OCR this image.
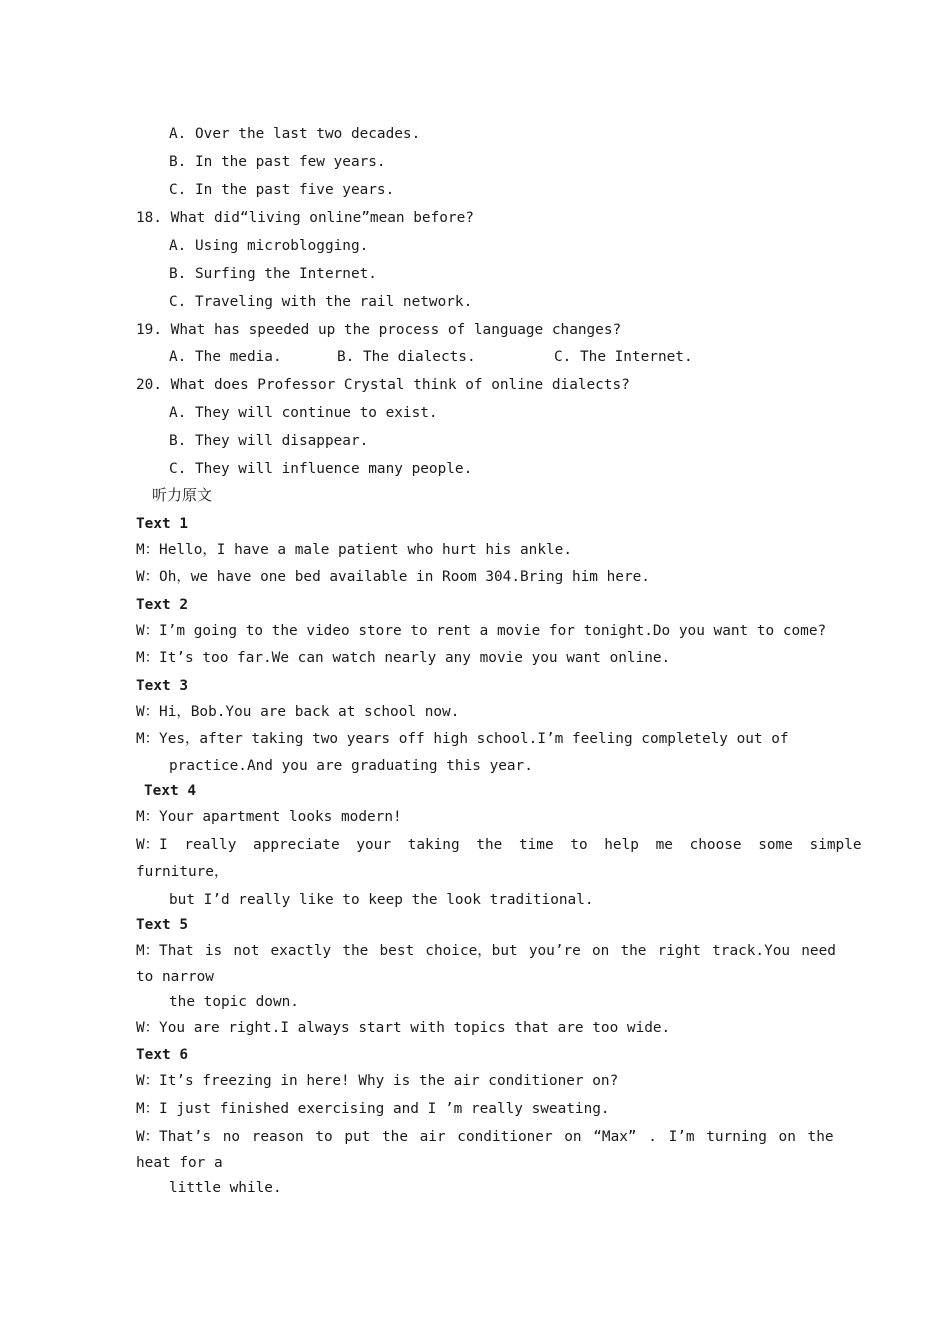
A. Over the last two decades.
B. In the past few years.
C. In the past five years.
18. What did“living online”mean before?
A. Using microblogging.
B. Surfing the Internet.
C. Traveling with the rail network.
19. What has speeded up the process of language changes?
A. The media.	B. The dialects.	C. The Internet.
20. What does Professor Crystal think of online dialects?
A. They will continue to exist.
B. They will disappear.
C. They will influence many people.
听力原文
Text 1
M：Hello，I have a male patient who hurt his ankle.
W：Oh，we have one bed available in Room 304.Bring him here.
Text 2
W：I’m going to the video store to rent a movie for tonight.Do you want to come?
M：It’s too far.We can watch nearly any movie you want online.
Text 3
W：Hi，Bob.You are back at school now.
M：Yes，after taking two years off high school.I’m feeling completely out of
practice.And you are graduating this year.
Text 4
M：Your apartment looks modern!
W：I really appreciate your taking the time to help me choose some simple
furniture，
but I’d really like to keep the look traditional.
Text 5
M：That is not exactly the best choice，but you’re on the right track.You need
to narrow
the topic down.
W：You are right.I always start with topics that are too wide.
Text 6
W：It’s freezing in here! Why is the air conditioner on?
M：I just finished exercising and I ’m really sweating.
W：That’s no reason to put the air conditioner on “Max” . I’m turning on the
heat for a
little while.
